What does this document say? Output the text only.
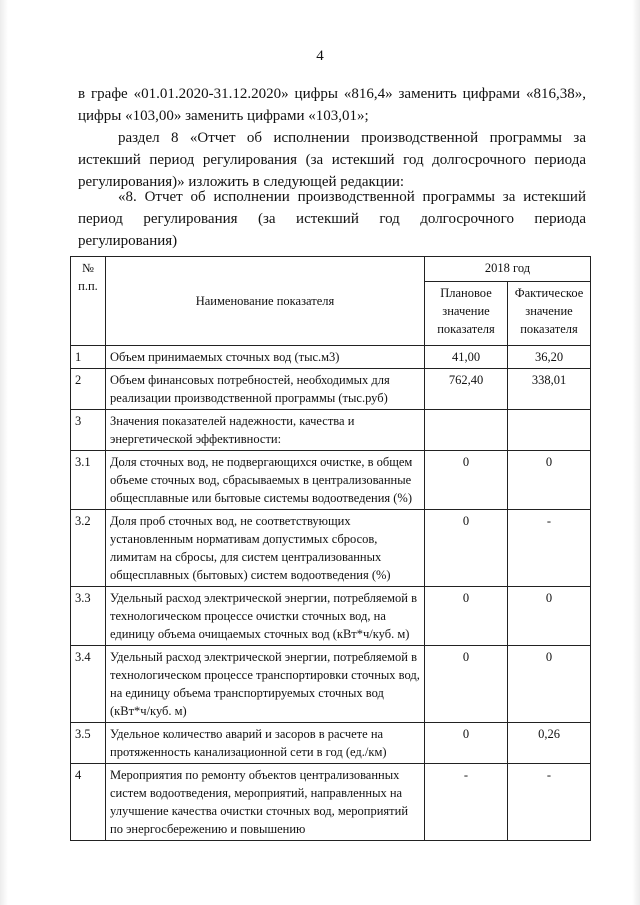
4

в графе «01.01.2020-31.12.2020» цифры «816,4» заменить цифрами «816,38», цифры «103,00» заменить цифрами «103,01»;

раздел 8 «Отчет об исполнении производственной программы за истекший период регулирования (за истекший год долгосрочного периода регулирования)» изложить в следующей редакции:

«8. Отчет об исполнении производственной программы за истекший период регулирования (за истекший год долгосрочного периода регулирования)

№ п.п.	Наименование показателя	2018 год	
		Плановое значение показателя	Фактическое значение показателя
1	Объем принимаемых сточных вод (тыс.м3)	41,00	36,20
2	Объем финансовых потребностей, необходимых для реализации производственной программы (тыс.руб)	762,40	338,01
3	Значения показателей надежности, качества и энергетической эффективности:		
3.1	Доля сточных вод, не подвергающихся очистке, в общем объеме сточных вод, сбрасываемых в централизованные общесплавные или бытовые системы водоотведения (%)	0	0
3.2	Доля проб сточных вод, не соответствующих установленным нормативам допустимых сбросов, лимитам на сбросы, для систем централизованных общесплавных (бытовых) систем водоотведения (%)	0	-
3.3	Удельный расход электрической энергии, потребляемой в технологическом процессе очистки сточных вод, на единицу объема очищаемых сточных вод (кВт*ч/куб. м)	0	0
3.4	Удельный расход электрической энергии, потребляемой в технологическом процессе транспортировки сточных вод, на единицу объема транспортируемых сточных вод (кВт*ч/куб. м)	0	0
3.5	Удельное количество аварий и засоров в расчете на протяженность канализационной сети в год (ед./км)	0	0,26
4	Мероприятия по ремонту объектов централизованных систем водоотведения, мероприятий, направленных на улучшение качества очистки сточных вод, мероприятий по энергосбережению и повышению	-	-
